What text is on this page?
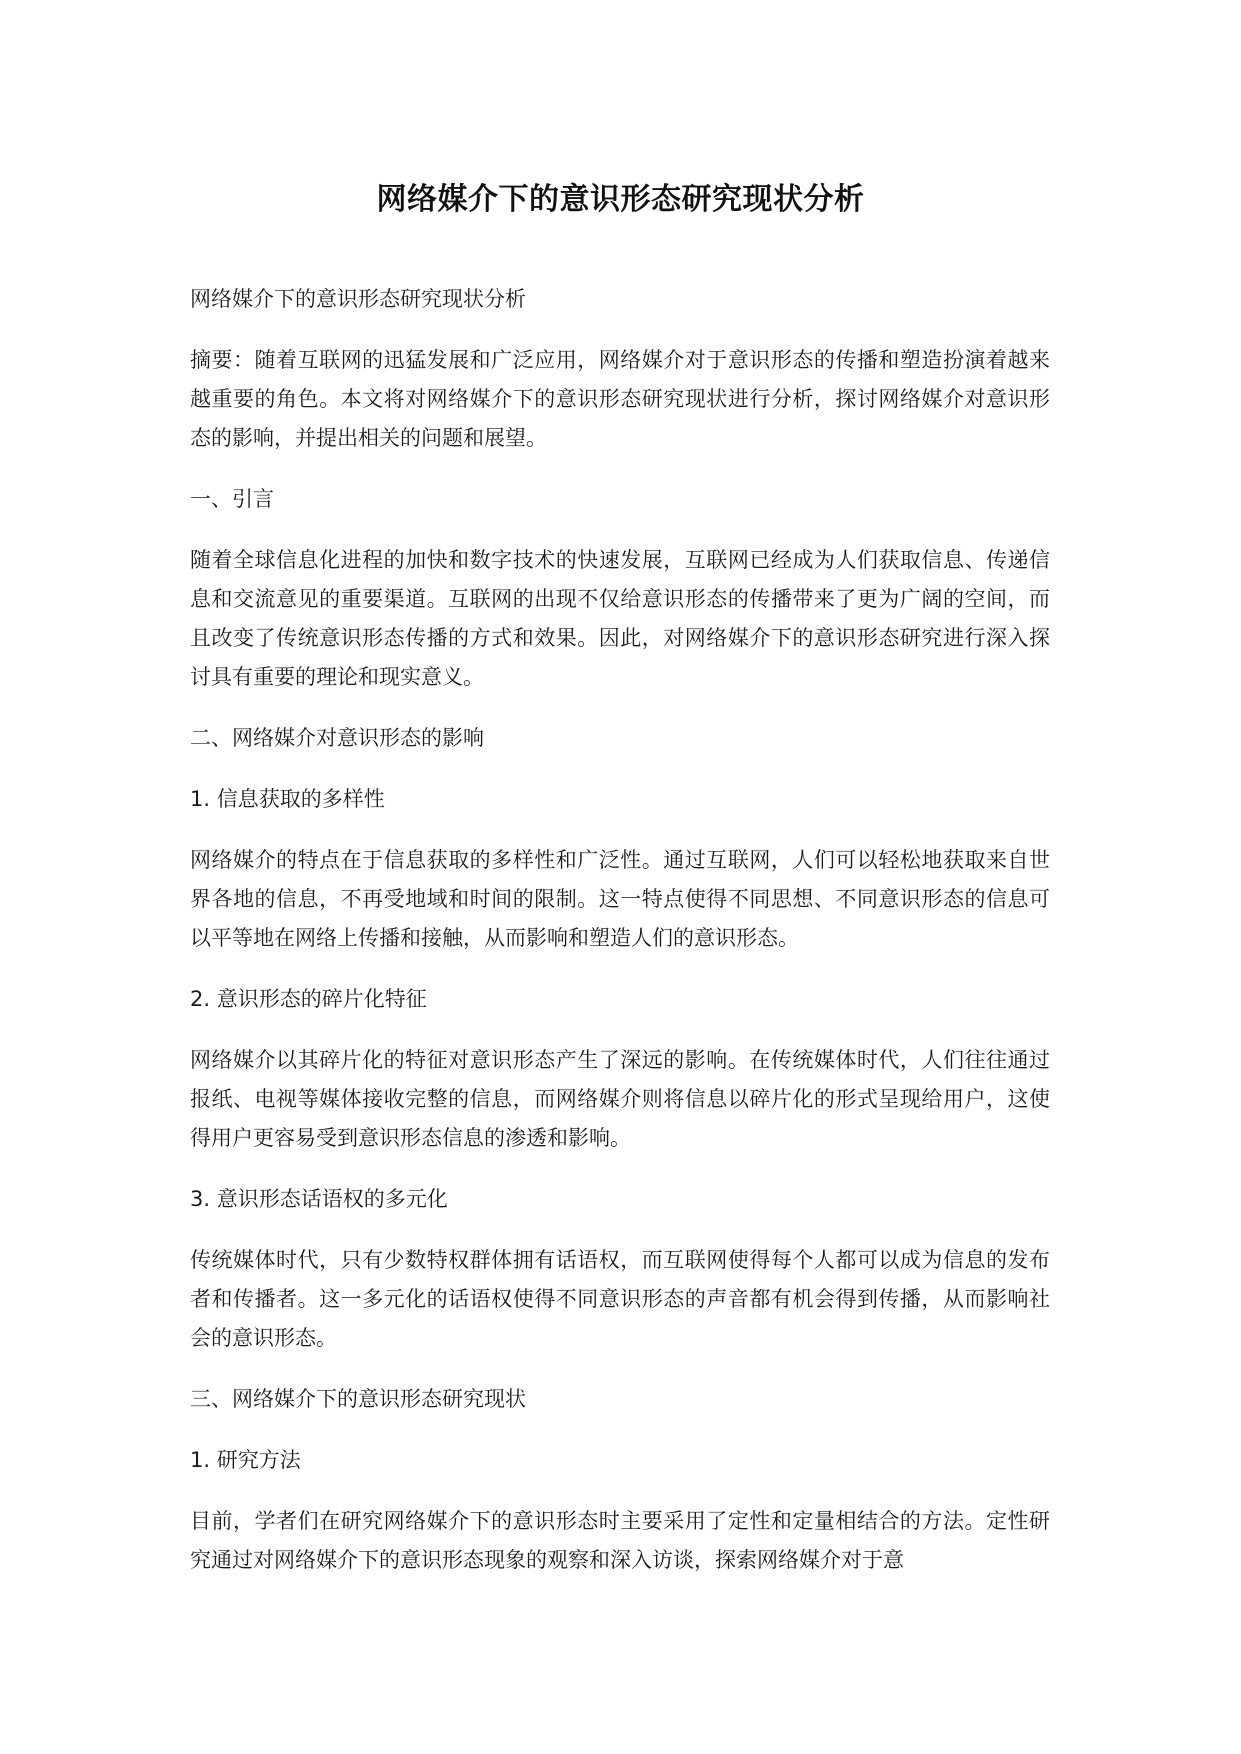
网络媒介下的意识形态研究现状分析

网络媒介下的意识形态研究现状分析

摘要：随着互联网的迅猛发展和广泛应用，网络媒介对于意识形态的传播和塑造扮演着越来越重要的角色。本文将对网络媒介下的意识形态研究现状进行分析，探讨网络媒介对意识形态的影响，并提出相关的问题和展望。

一、引言

随着全球信息化进程的加快和数字技术的快速发展，互联网已经成为人们获取信息、传递信息和交流意见的重要渠道。互联网的出现不仅给意识形态的传播带来了更为广阔的空间，而且改变了传统意识形态传播的方式和效果。因此，对网络媒介下的意识形态研究进行深入探讨具有重要的理论和现实意义。

二、网络媒介对意识形态的影响

1. 信息获取的多样性

网络媒介的特点在于信息获取的多样性和广泛性。通过互联网，人们可以轻松地获取来自世界各地的信息，不再受地域和时间的限制。这一特点使得不同思想、不同意识形态的信息可以平等地在网络上传播和接触，从而影响和塑造人们的意识形态。

2. 意识形态的碎片化特征

网络媒介以其碎片化的特征对意识形态产生了深远的影响。在传统媒体时代，人们往往通过报纸、电视等媒体接收完整的信息，而网络媒介则将信息以碎片化的形式呈现给用户，这使得用户更容易受到意识形态信息的渗透和影响。

3. 意识形态话语权的多元化

传统媒体时代，只有少数特权群体拥有话语权，而互联网使得每个人都可以成为信息的发布者和传播者。这一多元化的话语权使得不同意识形态的声音都有机会得到传播，从而影响社会的意识形态。

三、网络媒介下的意识形态研究现状

1. 研究方法

目前，学者们在研究网络媒介下的意识形态时主要采用了定性和定量相结合的方法。定性研究通过对网络媒介下的意识形态现象的观察和深入访谈，探索网络媒介对于意
